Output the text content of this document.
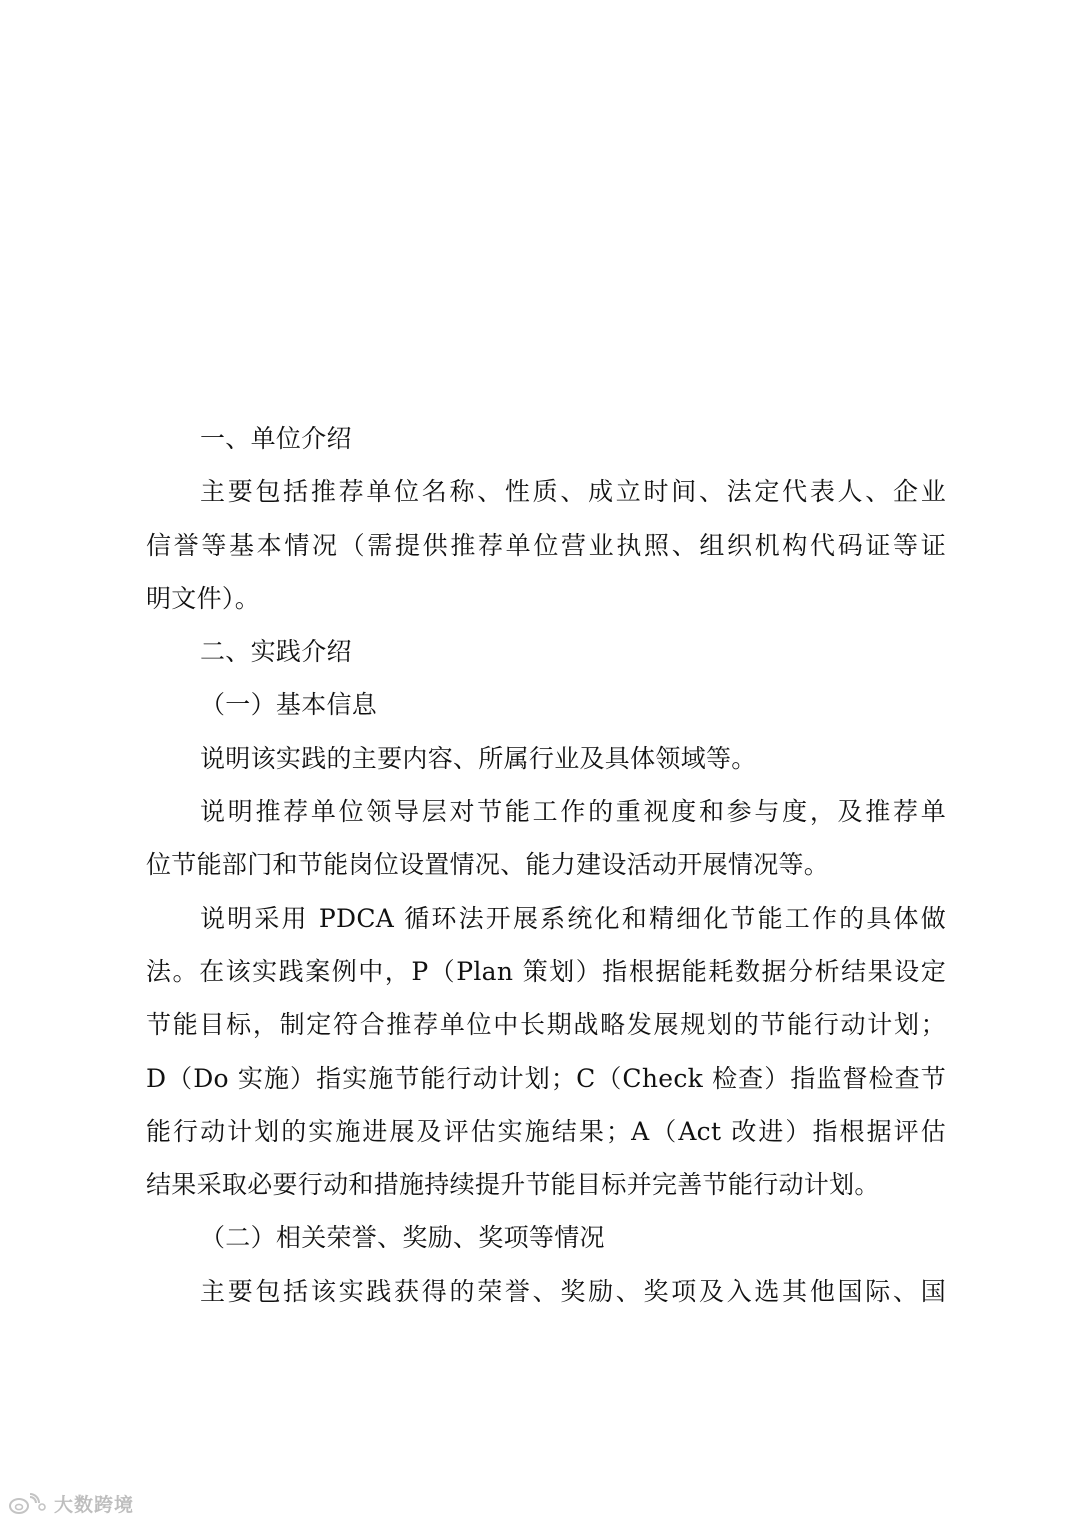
一、单位介绍
主要包括推荐单位名称、性质、成立时间、法定代表人、企业
信誉等基本情况（需提供推荐单位营业执照、组织机构代码证等证
明文件）。
二、实践介绍
（一）基本信息
说明该实践的主要内容、所属行业及具体领域等。
说明推荐单位领导层对节能工作的重视度和参与度，及推荐单
位节能部门和节能岗位设置情况、能力建设活动开展情况等。
说明采用 PDCA 循环法开展系统化和精细化节能工作的具体做
法。在该实践案例中，P（Plan 策划）指根据能耗数据分析结果设定
节能目标，制定符合推荐单位中长期战略发展规划的节能行动计划；
D（Do 实施）指实施节能行动计划；C（Check 检查）指监督检查节
能行动计划的实施进展及评估实施结果；A（Act 改进）指根据评估
结果采取必要行动和措施持续提升节能目标并完善节能行动计划。
（二）相关荣誉、奖励、奖项等情况
主要包括该实践获得的荣誉、奖励、奖项及入选其他国际、国
大数跨境
